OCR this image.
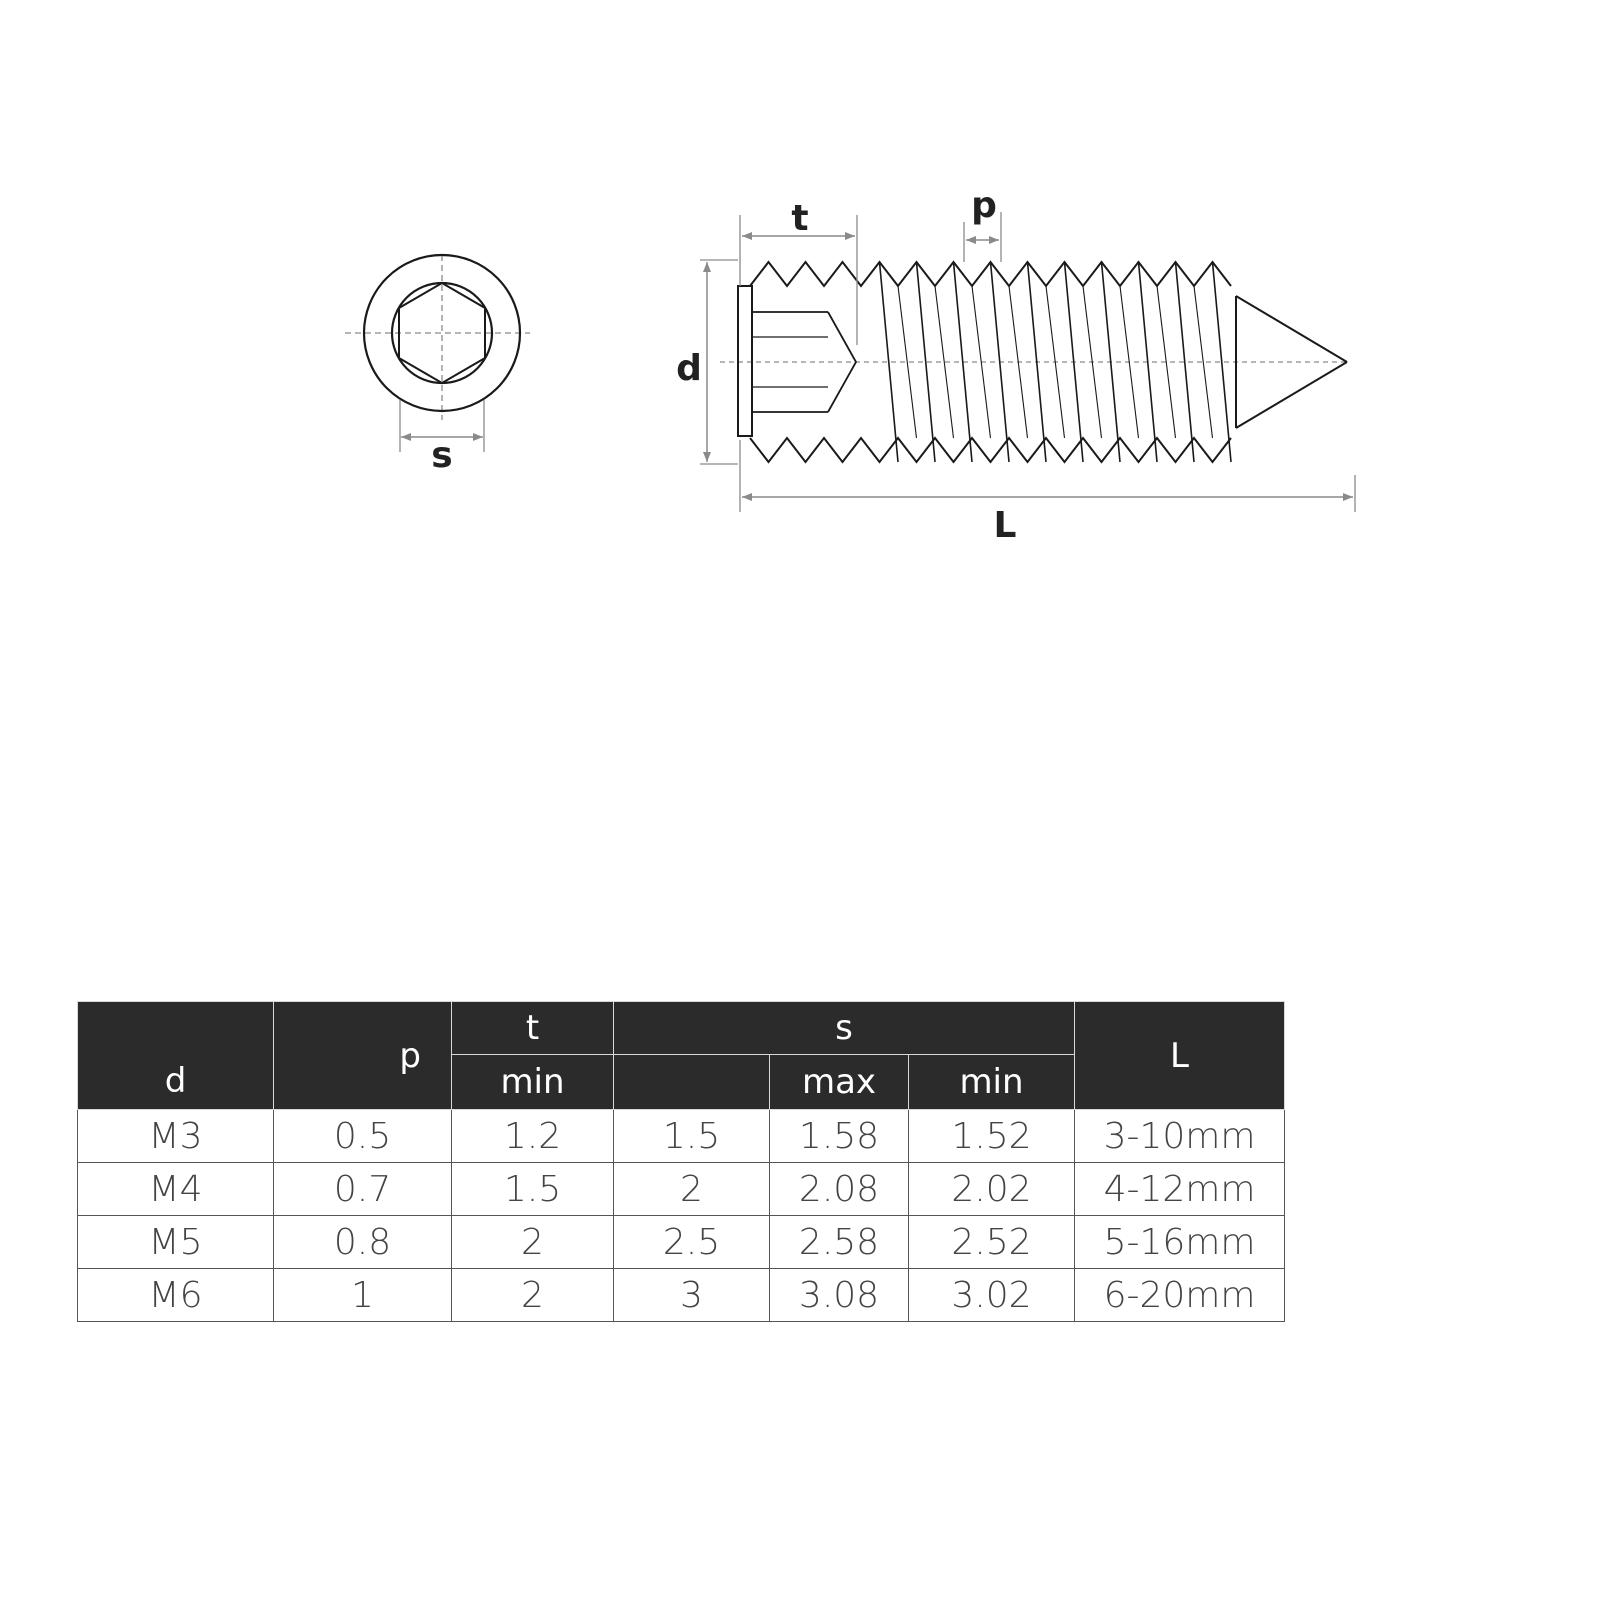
s
d
t	p
L
d	p	t	s			L
		min		max	min	
M3	0.5	1.2	1.5	1.58	1.52	3-10mm
M4	0.7	1.5	2	2.08	2.02	4-12mm
M5	0.8	2	2.5	2.58	2.52	5-16mm
M6	1	2	3	3.08	3.02	6-20mm
